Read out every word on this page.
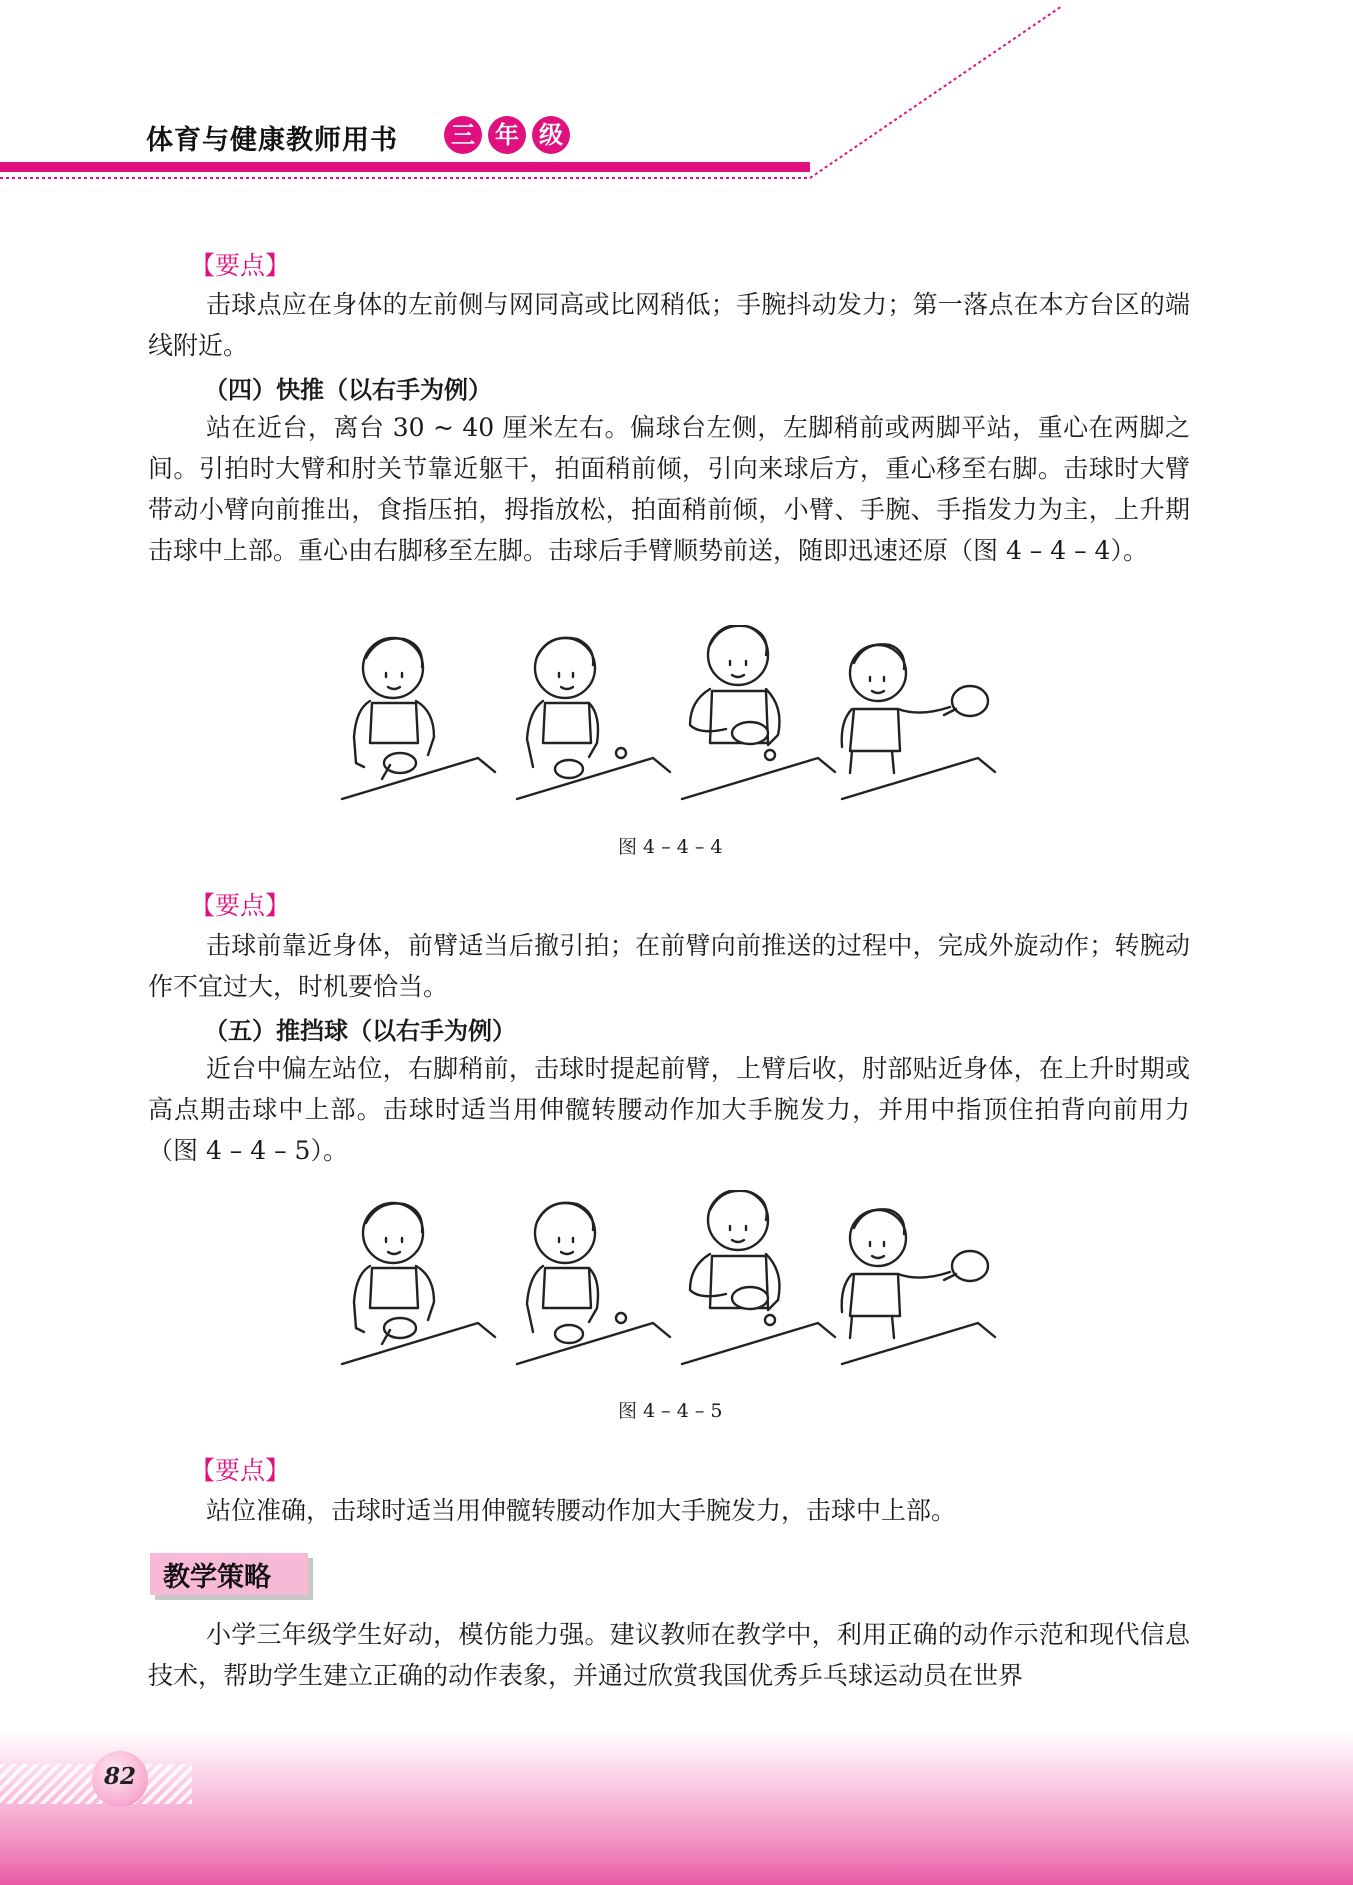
体育与健康教师用书 三 年 级
【要点】

击球点应在身体的左前侧与网同高或比网稍低；手腕抖动发力；第一落点在本方台区的端线附近。

（四）快推（以右手为例）

站在近台，离台 30 ~ 40 厘米左右。偏球台左侧，左脚稍前或两脚平站，重心在两脚之间。引拍时大臂和肘关节靠近躯干，拍面稍前倾，引向来球后方，重心移至右脚。击球时大臂带动小臂向前推出，食指压拍，拇指放松，拍面稍前倾，小臂、手腕、手指发力为主，上升期击球中上部。重心由右脚移至左脚。击球后手臂顺势前送，随即迅速还原（图 4 – 4 – 4）。

图 4 – 4 – 4
【要点】

击球前靠近身体，前臂适当后撤引拍；在前臂向前推送的过程中，完成外旋动作；转腕动作不宜过大，时机要恰当。

（五）推挡球（以右手为例）

近台中偏左站位，右脚稍前，击球时提起前臂，上臂后收，肘部贴近身体，在上升时期或高点期击球中上部。击球时适当用伸髋转腰动作加大手腕发力，并用中指顶住拍背向前用力（图 4 – 4 – 5）。

图 4 – 4 – 5
【要点】

站位准确，击球时适当用伸髋转腰动作加大手腕发力，击球中上部。

教学策略

小学三年级学生好动，模仿能力强。建议教师在教学中，利用正确的动作示范和现代信息技术，帮助学生建立正确的动作表象，并通过欣赏我国优秀乒乓球运动员在世界

82
